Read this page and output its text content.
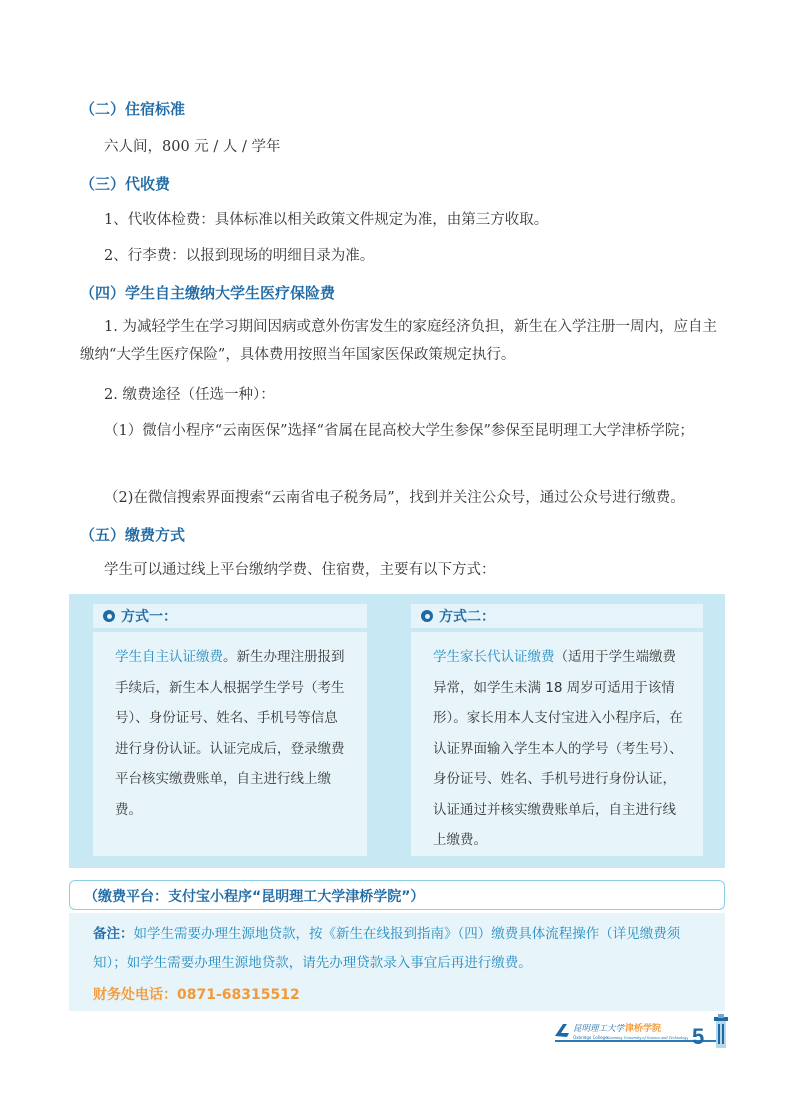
（二）住宿标准
六人间，800 元 / 人 / 学年
（三）代收费
1、代收体检费：具体标准以相关政策文件规定为准，由第三方收取。
2、行李费：以报到现场的明细目录为准。
（四）学生自主缴纳大学生医疗保险费
1. 为减轻学生在学习期间因病或意外伤害发生的家庭经济负担，新生在入学注册一周内，应自主缴纳“大学生医疗保险”，具体费用按照当年国家医保政策规定执行。
2. 缴费途径（任选一种）：
（1）微信小程序“云南医保”选择“省属在昆高校大学生参保”参保至昆明理工大学津桥学院；
（2)在微信搜索界面搜索“云南省电子税务局”，找到并关注公众号，通过公众号进行缴费。
（五）缴费方式
学生可以通过线上平台缴纳学费、住宿费，主要有以下方式：
方式一：
学生自主认证缴费。新生办理注册报到手续后，新生本人根据学生学号（考生号）、身份证号、姓名、手机号等信息进行身份认证。认证完成后，登录缴费平台核实缴费账单，自主进行线上缴费。
方式二：
学生家长代认证缴费（适用于学生端缴费异常，如学生未满 18 周岁可适用于该情形）。家长用本人支付宝进入小程序后，在认证界面输入学生本人的学号（考生号）、身份证号、姓名、手机号进行身份认证，认证通过并核实缴费账单后，自主进行线上缴费。
（缴费平台：支付宝小程序“昆明理工大学津桥学院”）
备注：如学生需要办理生源地贷款，按《新生在线报到指南》（四）缴费具体流程操作（详见缴费须知）；如学生需要办理生源地贷款，请先办理贷款录入事宜后再进行缴费。
财务处电话：0871-68315512
昆明理工大学 津桥学院
Oxbridge College Kunming University of Science and Technology 5
